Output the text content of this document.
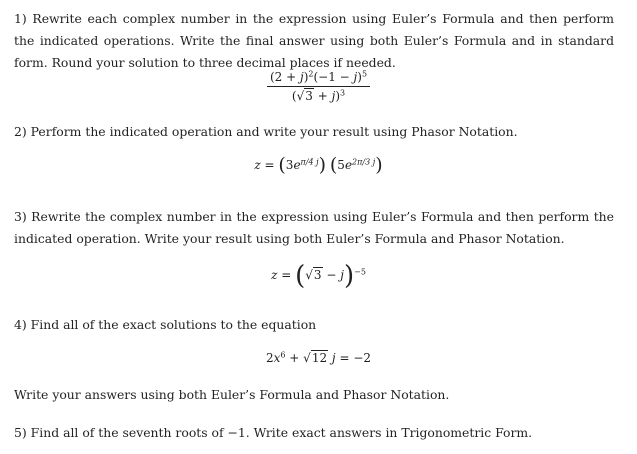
1) Rewrite each complex number in the expression using Euler’s Formula and then perform the indicated operations. Write the final answer using both Euler’s Formula and in standard form. Round your solution to three decimal places if needed.
$\frac{(2 + j)^2(-1 - j)^5}{(√3 + j)^3}$
2) Perform the indicated operation and write your result using Phasor Notation.
$z = (3e^{\pi/4 j})$ $(5e^{2\pi/3 j})$
3) Rewrite the complex number in the expression using Euler’s Formula and then perform the indicated operation. Write your result using both Euler’s Formula and Phasor Notation.
$z = (√3 - j)^{-5}$
4) Find all of the exact solutions to the equation
$2x^6 + √12$ j = −2
Write your answers using both Euler’s Formula and Phasor Notation.
5) Find all of the seventh roots of −1. Write exact answers in Trigonometric Form.
